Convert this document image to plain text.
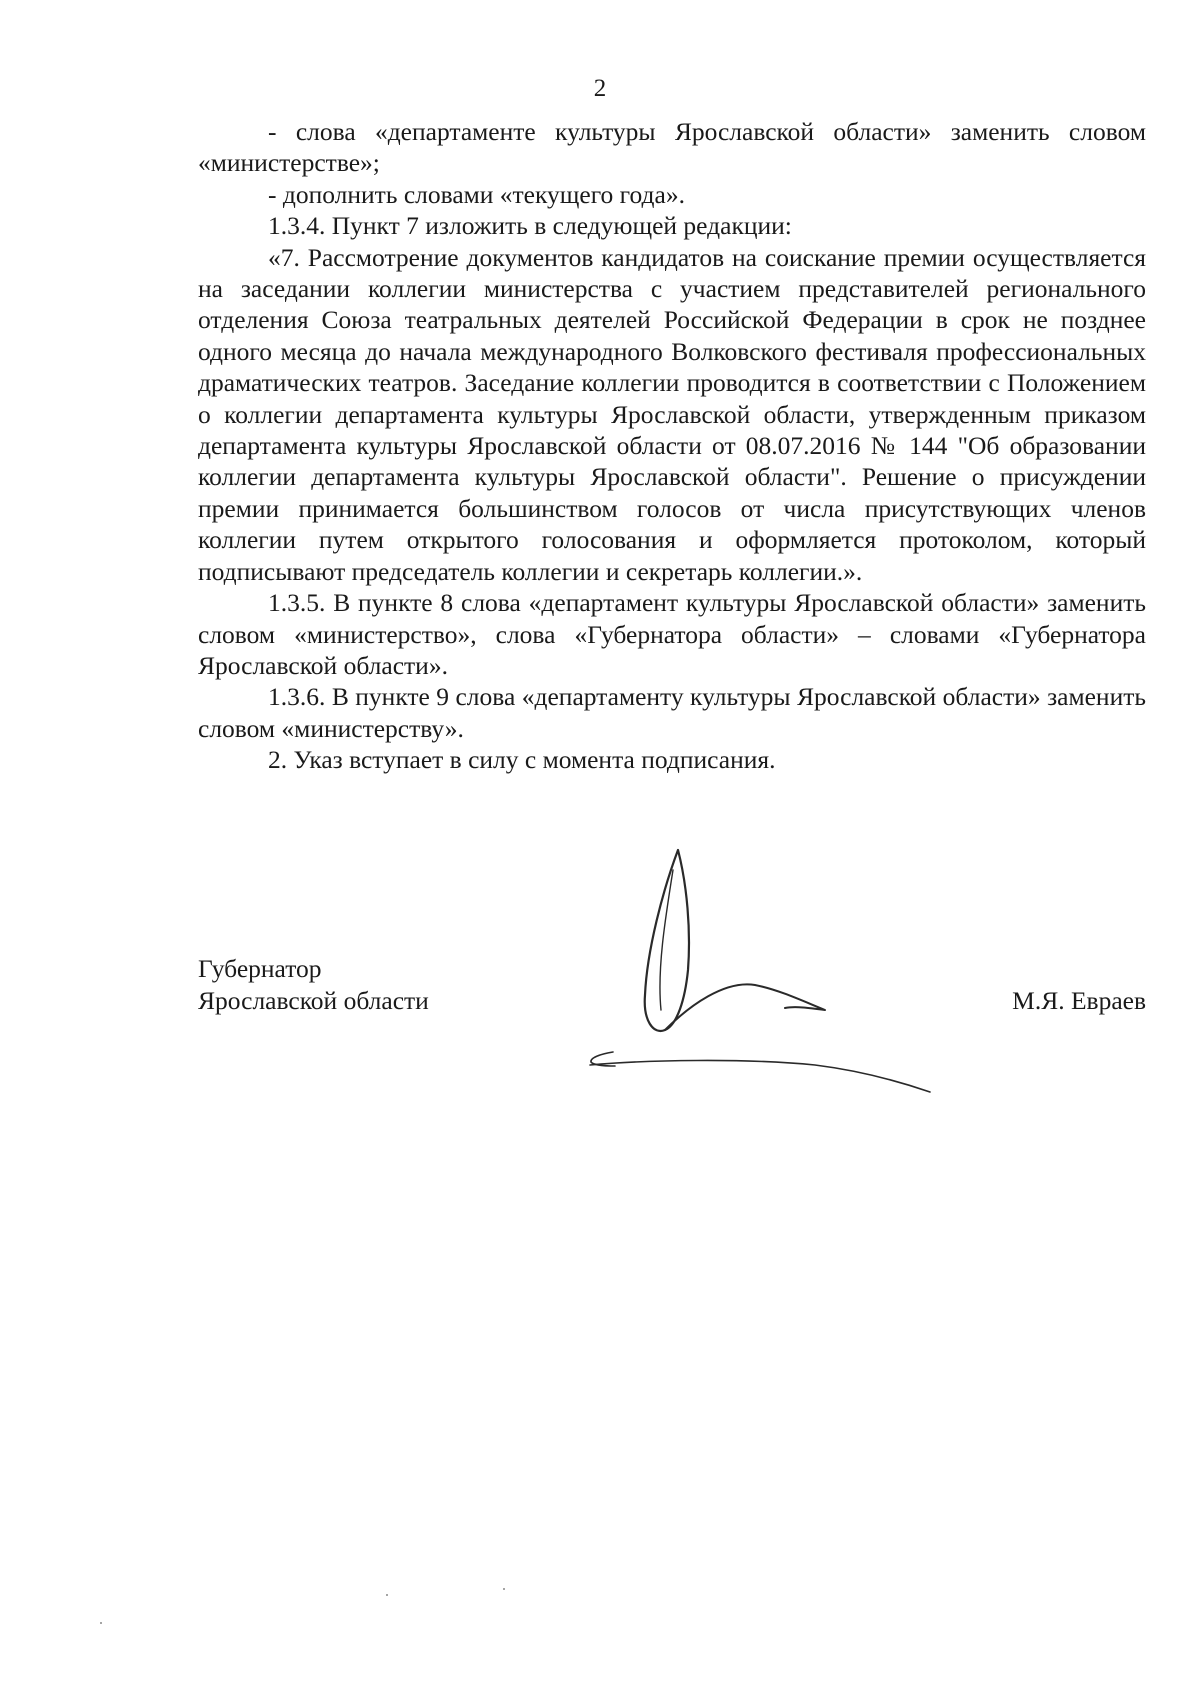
2

- слова «департаменте культуры Ярославской области» заменить словом «министерстве»;

- дополнить словами «текущего года».

1.3.4. Пункт 7 изложить в следующей редакции:

«7. Рассмотрение документов кандидатов на соискание премии осуществляется на заседании коллегии министерства с участием представителей регионального отделения Союза театральных деятелей Российской Федерации в срок не позднее одного месяца до начала международного Волковского фестиваля профессиональных драматических театров. Заседание коллегии проводится в соответствии с Положением о коллегии департамента культуры Ярославской области, утвержденным приказом департамента культуры Ярославской области от 08.07.2016 № 144 "Об образовании коллегии департамента культуры Ярославской области". Решение о присуждении премии принимается большинством голосов от числа присутствующих членов коллегии путем открытого голосования и оформляется протоколом, который подписывают председатель коллегии и секретарь коллегии.».

1.3.5. В пункте 8 слова «департамент культуры Ярославской области» заменить словом «министерство», слова «Губернатора области» – словами «Губернатора Ярославской области».

1.3.6. В пункте 9 слова «департаменту культуры Ярославской области» заменить словом «министерству».

2. Указ вступает в силу с момента подписания.

Губернатор
Ярославской области	М.Я. Евраев
